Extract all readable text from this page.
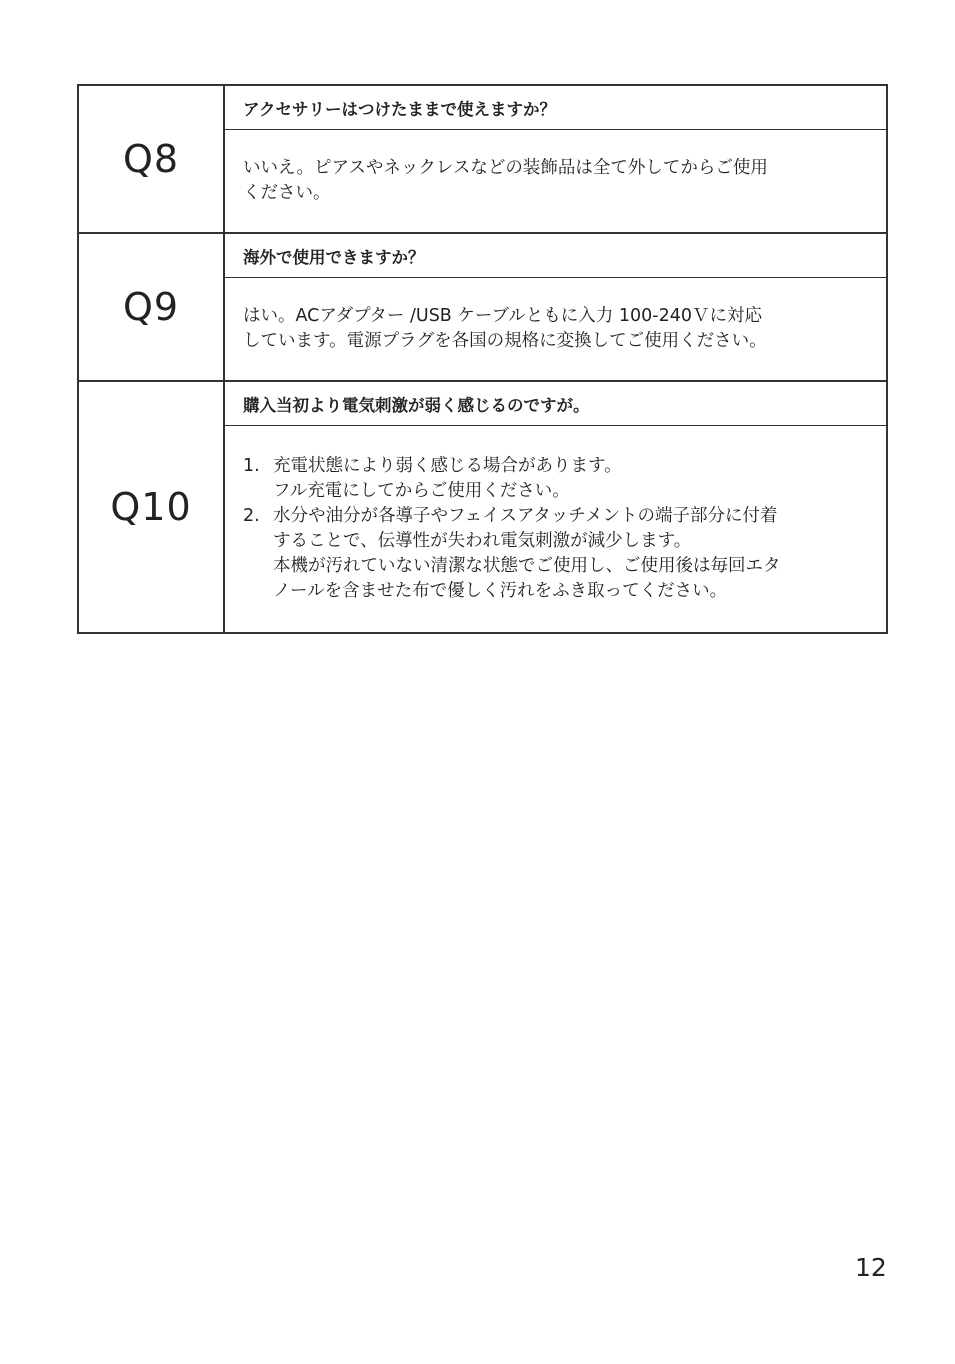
Q8
アクセサリーはつけたままで使えますか？
いいえ。ピアスやネックレスなどの装飾品は全て外してからご使用
ください。
Q9
海外で使用できますか？
はい。ACアダプター /USB ケーブルともに入力 100-240Ｖに対応
しています。電源プラグを各国の規格に変換してご使用ください。
Q10
購入当初より電気刺激が弱く感じるのですが。
1. 充電状態により弱く感じる場合があります。
フル充電にしてからご使用ください。
2. 水分や油分が各導子やフェイスアタッチメントの端子部分に付着
することで、伝導性が失われ電気刺激が減少します。
本機が汚れていない清潔な状態でご使用し、ご使用後は毎回エタ
ノールを含ませた布で優しく汚れをふき取ってください。
12
